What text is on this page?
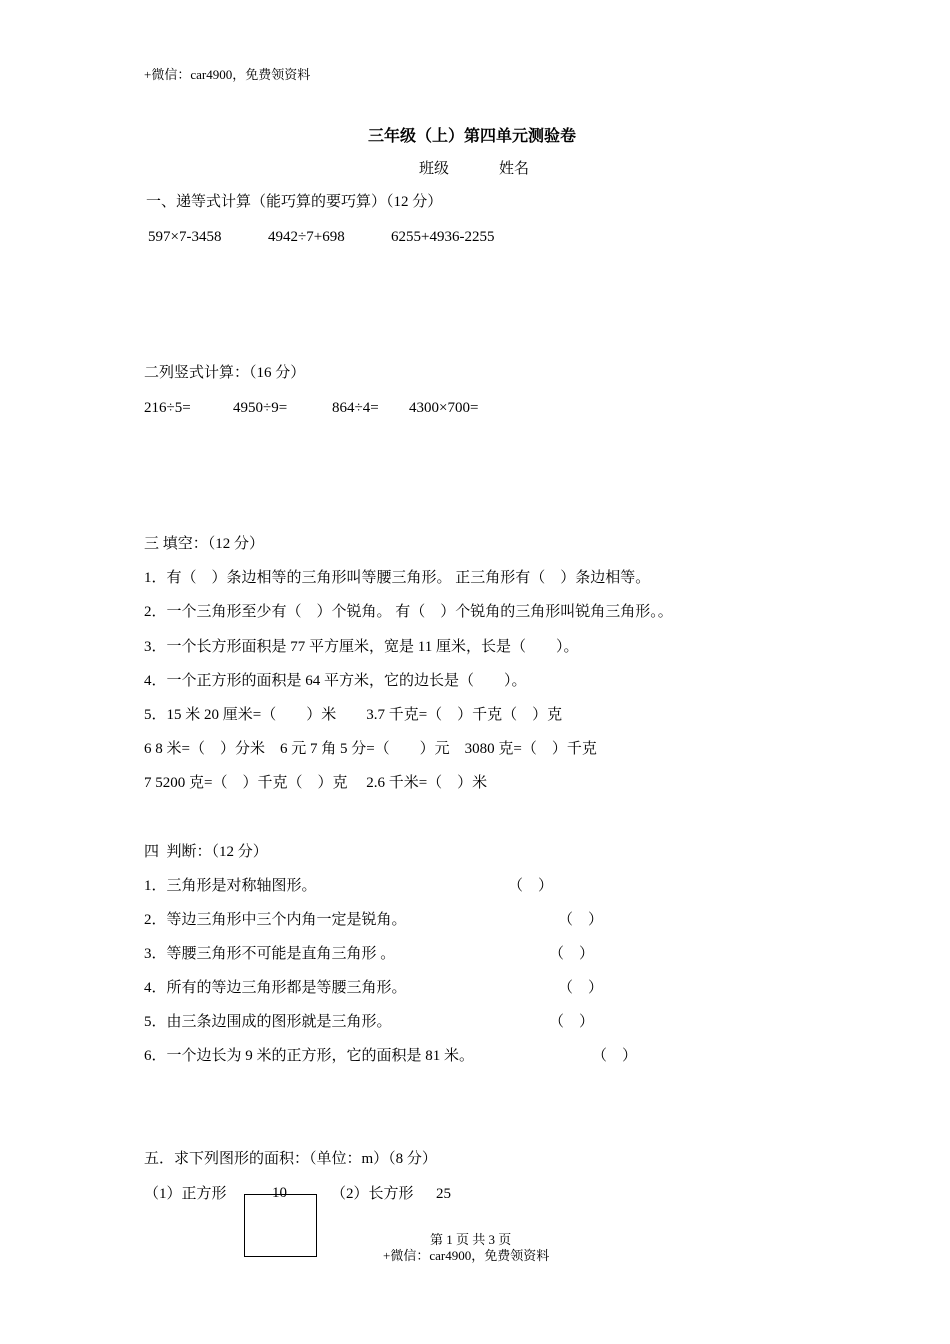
+微信：car4900，免费领资料
三年级（上）第四单元测验卷
班级	姓名
一、递等式计算（能巧算的要巧算）（12 分）
597×7-3458	4942÷7+698	6255+4936-2255
二列竖式计算：（16 分）
216÷5=	4950÷9=	864÷4= 4300×700=
三 填空：（12 分）
1．有（　）条边相等的三角形叫等腰三角形。 正三角形有（　）条边相等。
2．一个三角形至少有（　）个锐角。 有（　）个锐角的三角形叫锐角三角形。。
3．一个长方形面积是 77 平方厘米，宽是 11 厘米，长是（　　）。
4．一个正方形的面积是 64 平方米，它的边长是（　　）。
5．15 米 20 厘米=（　　）米　　3.7 千克=（　）千克（　）克
6 8 米=（　）分米　6 元 7 角 5 分=（　　）元　3080 克=（　）千克
7 5200 克=（　）千克（　）克　 2.6 千米=（　）米
四  判断：（12 分）
1．三角形是对称轴图形。	（　）
2．等边三角形中三个内角一定是锐角。	（　）
3．等腰三角形不可能是直角三角形 。	（　）
4．所有的等边三角形都是等腰三角形。	（　）
5．由三条边围成的图形就是三角形。	（　）
6．一个边长为 9 米的正方形，它的面积是 81 米。	（　）
五．求下列图形的面积：（单位：m）（8 分）
（1）正方形	10	（2）长方形 25
第 1 页 共 3 页
+微信：car4900，免费领资料
